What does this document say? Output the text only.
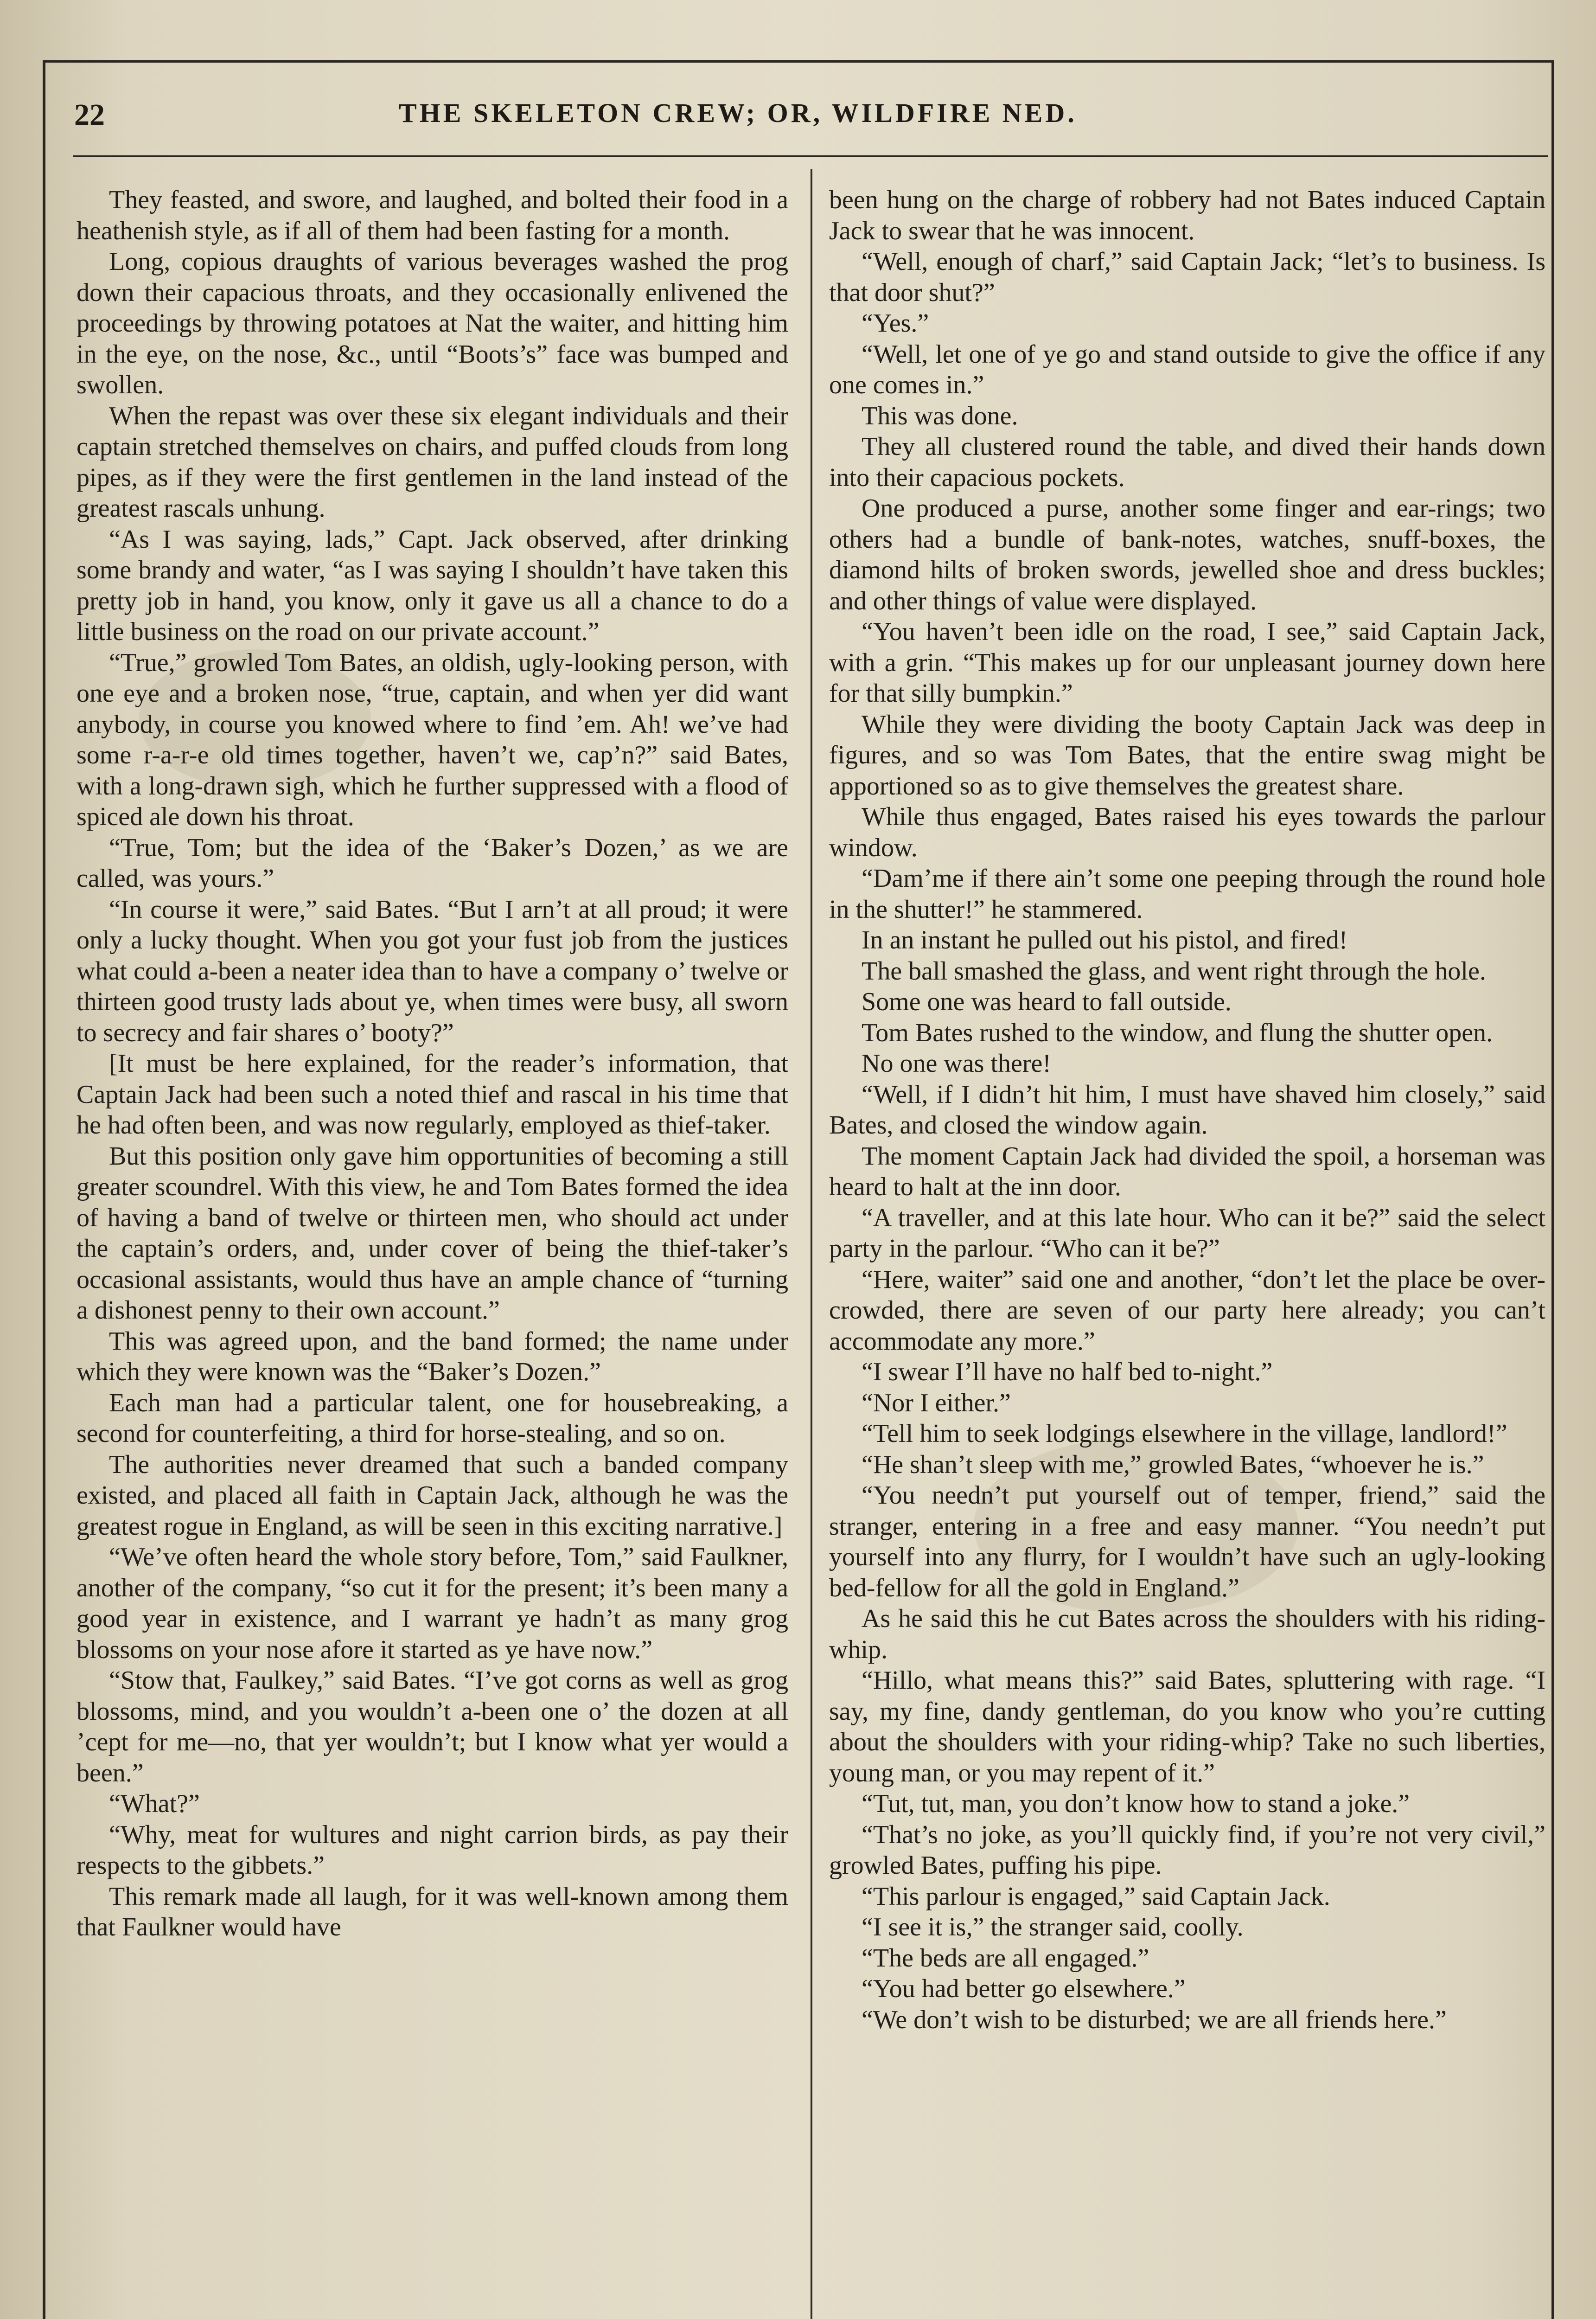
22	THE SKELETON CREW; OR, WILDFIRE NED.

They feasted, and swore, and laughed, and bolted their food in a heathenish style, as if all of them had been fasting for a month.

Long, copious draughts of various beverages washed the prog down their capacious throats, and they occasionally enlivened the proceedings by throwing potatoes at Nat the waiter, and hitting him in the eye, on the nose, &c., until “Boots’s” face was bumped and swollen.

When the repast was over these six elegant individuals and their captain stretched themselves on chairs, and puffed clouds from long pipes, as if they were the first gentlemen in the land instead of the greatest rascals unhung.

“As I was saying, lads,” Capt. Jack observed, after drinking some brandy and water, “as I was saying I shouldn’t have taken this pretty job in hand, you know, only it gave us all a chance to do a little business on the road on our private account.”

“True,” growled Tom Bates, an oldish, ugly-looking person, with one eye and a broken nose, “true, captain, and when yer did want anybody, in course you knowed where to find ’em. Ah! we’ve had some r-a-r-e old times together, haven’t we, cap’n?” said Bates, with a long-drawn sigh, which he further suppressed with a flood of spiced ale down his throat.

“True, Tom; but the idea of the ‘Baker’s Dozen,’ as we are called, was yours.”

“In course it were,” said Bates. “But I arn’t at all proud; it were only a lucky thought. When you got your fust job from the justices what could a-been a neater idea than to have a company o’ twelve or thirteen good trusty lads about ye, when times were busy, all sworn to secrecy and fair shares o’ booty?”

[It must be here explained, for the reader’s information, that Captain Jack had been such a noted thief and rascal in his time that he had often been, and was now regularly, employed as thief-taker.

But this position only gave him opportunities of becoming a still greater scoundrel. With this view, he and Tom Bates formed the idea of having a band of twelve or thirteen men, who should act under the captain’s orders, and, under cover of being the thief-taker’s occasional assistants, would thus have an ample chance of “turning a dishonest penny to their own account.”

This was agreed upon, and the band formed; the name under which they were known was the “Baker’s Dozen.”

Each man had a particular talent, one for housebreaking, a second for counterfeiting, a third for horse-stealing, and so on.

The authorities never dreamed that such a banded company existed, and placed all faith in Captain Jack, although he was the greatest rogue in England, as will be seen in this exciting narrative.]

“We’ve often heard the whole story before, Tom,” said Faulkner, another of the company, “so cut it for the present; it’s been many a good year in existence, and I warrant ye hadn’t as many grog blossoms on your nose afore it started as ye have now.”

“Stow that, Faulkey,” said Bates. “I’ve got corns as well as grog blossoms, mind, and you wouldn’t a-been one o’ the dozen at all ’cept for me—no, that yer wouldn’t; but I know what yer would a been.”

“What?”

“Why, meat for wultures and night carrion birds, as pay their respects to the gibbets.”

This remark made all laugh, for it was well-known among them that Faulkner would have

been hung on the charge of robbery had not Bates induced Captain Jack to swear that he was innocent.

“Well, enough of charf,” said Captain Jack; “let’s to business. Is that door shut?”

“Yes.”

“Well, let one of ye go and stand outside to give the office if any one comes in.”

This was done.

They all clustered round the table, and dived their hands down into their capacious pockets.

One produced a purse, another some finger and ear-rings; two others had a bundle of bank-notes, watches, snuff-boxes, the diamond hilts of broken swords, jewelled shoe and dress buckles; and other things of value were displayed.

“You haven’t been idle on the road, I see,” said Captain Jack, with a grin. “This makes up for our unpleasant journey down here for that silly bumpkin.”

While they were dividing the booty Captain Jack was deep in figures, and so was Tom Bates, that the entire swag might be apportioned so as to give themselves the greatest share.

While thus engaged, Bates raised his eyes towards the parlour window.

“Dam’me if there ain’t some one peeping through the round hole in the shutter!” he stammered.

In an instant he pulled out his pistol, and fired!

The ball smashed the glass, and went right through the hole.

Some one was heard to fall outside.

Tom Bates rushed to the window, and flung the shutter open.

No one was there!

“Well, if I didn’t hit him, I must have shaved him closely,” said Bates, and closed the window again.

The moment Captain Jack had divided the spoil, a horseman was heard to halt at the inn door.

“A traveller, and at this late hour. Who can it be?” said the select party in the parlour. “Who can it be?”

“Here, waiter” said one and another, “don’t let the place be over-crowded, there are seven of our party here already; you can’t accommodate any more.”

“I swear I’ll have no half bed to-night.”

“Nor I either.”

“Tell him to seek lodgings elsewhere in the village, landlord!”

“He shan’t sleep with me,” growled Bates, “whoever he is.”

“You needn’t put yourself out of temper, friend,” said the stranger, entering in a free and easy manner. “You needn’t put yourself into any flurry, for I wouldn’t have such an ugly-looking bed-fellow for all the gold in England.”

As he said this he cut Bates across the shoulders with his riding-whip.

“Hillo, what means this?” said Bates, spluttering with rage. “I say, my fine, dandy gentleman, do you know who you’re cutting about the shoulders with your riding-whip? Take no such liberties, young man, or you may repent of it.”

“Tut, tut, man, you don’t know how to stand a joke.”

“That’s no joke, as you’ll quickly find, if you’re not very civil,” growled Bates, puffing his pipe.

“This parlour is engaged,” said Captain Jack.

“I see it is,” the stranger said, coolly.

“The beds are all engaged.”

“You had better go elsewhere.”

“We don’t wish to be disturbed; we are all friends here.”
